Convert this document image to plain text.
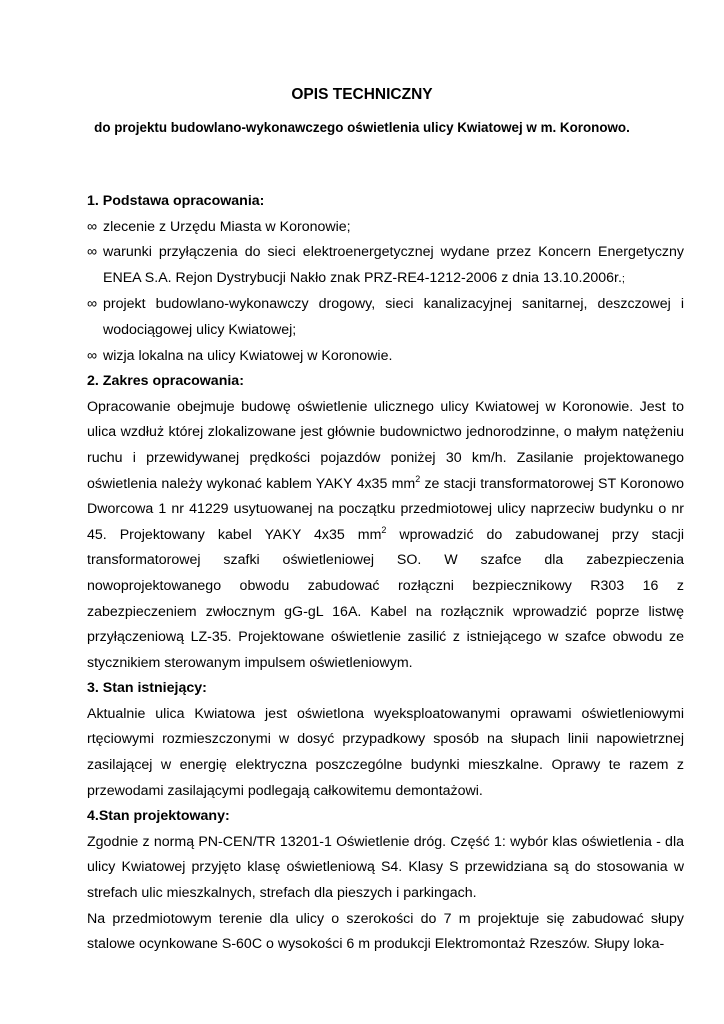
OPIS TECHNICZNY
do projektu budowlano-wykonawczego oświetlenia ulicy Kwiatowej w m. Koronowo.
1. Podstawa opracowania:
∞ zlecenie z Urzędu Miasta w Koronowie;
∞ warunki przyłączenia do sieci elektroenergetycznej wydane przez Koncern Energetyczny ENEA S.A. Rejon Dystrybucji Nakło znak PRZ-RE4-1212-2006 z dnia 13.10.2006r.;
∞ projekt budowlano-wykonawczy drogowy, sieci kanalizacyjnej sanitarnej, deszczowej i wodociągowej ulicy Kwiatowej;
∞ wizja lokalna na ulicy Kwiatowej w Koronowie.
2. Zakres opracowania:

Opracowanie obejmuje budowę oświetlenie ulicznego ulicy Kwiatowej w Koronowie. Jest to ulica wzdłuż której zlokalizowane jest głównie budownictwo jednorodzinne, o małym natężeniu ruchu i przewidywanej prędkości pojazdów poniżej 30 km/h. Zasilanie projektowanego oświetlenia należy wykonać kablem YAKY 4x35 $mm^2$ ze stacji transformatorowej ST Koronowo Dworcowa 1 nr 41229 usytuowanej na początku przedmiotowej ulicy naprzeciw budynku o nr 45. Projektowany kabel YAKY 4x35 $mm^2$ wprowadzić do zabudowanej przy stacji transformatorowej szafki oświetleniowej SO. W szafce dla zabezpieczenia nowoprojektowanego obwodu zabudować rozłączni bezpiecznikowy R303 16 z zabezpieczeniem zwłocznym gG-gL 16A. Kabel na rozłącznik wprowadzić poprze listwę przyłączeniową LZ-35. Projektowane oświetlenie zasilić z istniejącego w szafce obwodu ze stycznikiem sterowanym impulsem oświetleniowym.

3. Stan istniejący:

Aktualnie ulica Kwiatowa jest oświetlona wyeksploatowanymi oprawami oświetleniowymi rtęciowymi rozmieszczonymi w dosyć przypadkowy sposób na słupach linii napowietrznej zasilającej w energię elektryczna poszczególne budynki mieszkalne. Oprawy te razem z przewodami zasilającymi podlegają całkowitemu demontażowi.

4.Stan projektowany:

Zgodnie z normą PN-CEN/TR 13201-1 Oświetlenie dróg. Część 1: wybór klas oświetlenia - dla ulicy Kwiatowej przyjęto klasę oświetleniową S4. Klasy S przewidziana są do stosowania w strefach ulic mieszkalnych, strefach dla pieszych i parkingach.

Na przedmiotowym terenie dla ulicy o szerokości do 7 m projektuje się zabudować słupy stalowe ocynkowane S-60C o wysokości 6 m produkcji Elektromontaż Rzeszów. Słupy loka-
